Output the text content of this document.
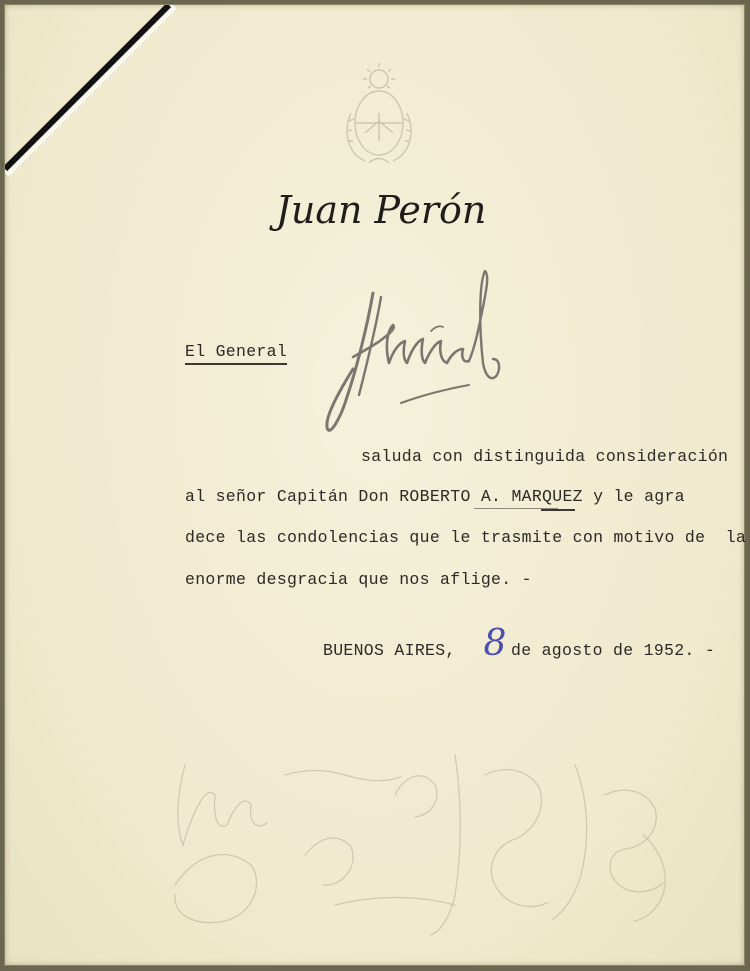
Juan Perón
El General
saluda con distinguida consideración
al señor Capitán Don ROBERTO A. MARQUEZ y le agra
dece las condolencias que le trasmite con motivo de  la
enorme desgracia que nos aflige. -
BUENOS AIRES, 8 de agosto de 1952. -
